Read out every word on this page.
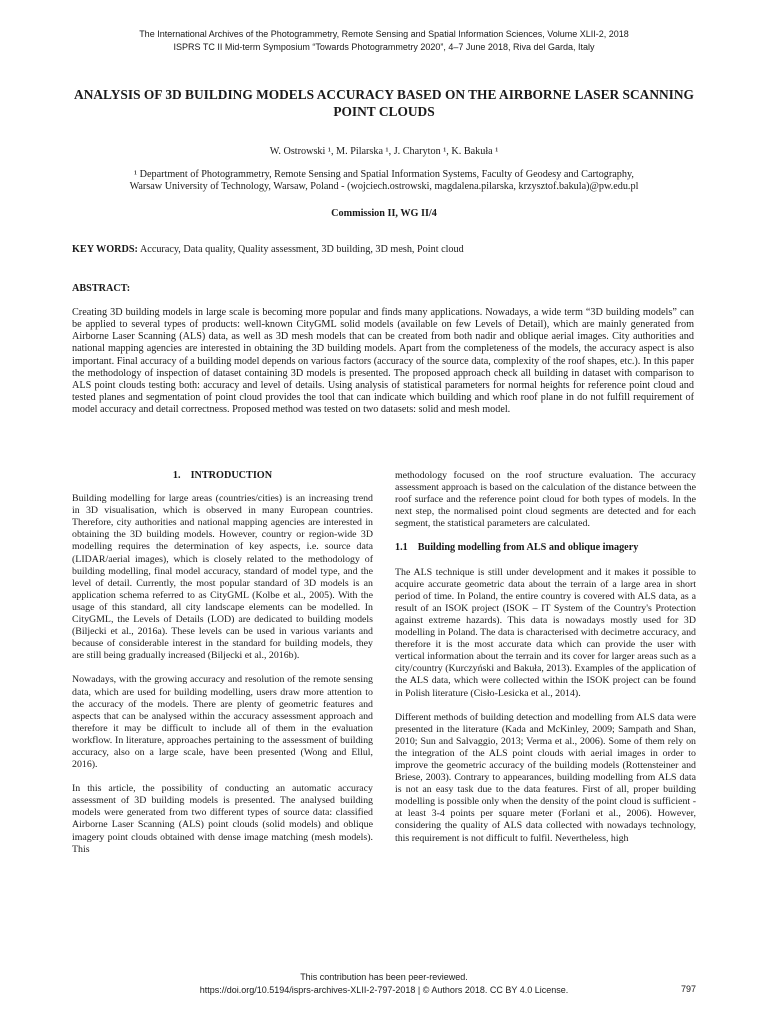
The International Archives of the Photogrammetry, Remote Sensing and Spatial Information Sciences, Volume XLII-2, 2018
ISPRS TC II Mid-term Symposium “Towards Photogrammetry 2020”, 4–7 June 2018, Riva del Garda, Italy
ANALYSIS OF 3D BUILDING MODELS ACCURACY BASED ON THE AIRBORNE LASER SCANNING POINT CLOUDS
W. Ostrowski ¹, M. Pilarska ¹, J. Charyton ¹, K. Bakuła ¹
¹ Department of Photogrammetry, Remote Sensing and Spatial Information Systems, Faculty of Geodesy and Cartography,
Warsaw University of Technology, Warsaw, Poland - (wojciech.ostrowski, magdalena.pilarska, krzysztof.bakula)@pw.edu.pl
Commission II, WG II/4
KEY WORDS: Accuracy, Data quality, Quality assessment, 3D building, 3D mesh, Point cloud
ABSTRACT:
Creating 3D building models in large scale is becoming more popular and finds many applications. Nowadays, a wide term “3D building models” can be applied to several types of products: well-known CityGML solid models (available on few Levels of Detail), which are mainly generated from Airborne Laser Scanning (ALS) data, as well as 3D mesh models that can be created from both nadir and oblique aerial images. City authorities and national mapping agencies are interested in obtaining the 3D building models. Apart from the completeness of the models, the accuracy aspect is also important. Final accuracy of a building model depends on various factors (accuracy of the source data, complexity of the roof shapes, etc.). In this paper the methodology of inspection of dataset containing 3D models is presented. The proposed approach check all building in dataset with comparison to ALS point clouds testing both: accuracy and level of details. Using analysis of statistical parameters for normal heights for reference point cloud and tested planes and segmentation of point cloud provides the tool that can indicate which building and which roof plane in do not fulfill requirement of model accuracy and detail correctness. Proposed method was tested on two datasets: solid and mesh model.
1. INTRODUCTION

Building modelling for large areas (countries/cities) is an increasing trend in 3D visualisation, which is observed in many European countries. Therefore, city authorities and national mapping agencies are interested in obtaining the 3D building models. However, country or region-wide 3D modelling requires the determination of key aspects, i.e. source data (LIDAR/aerial images), which is closely related to the methodology of building modelling, final model accuracy, standard of model type, and the level of detail. Currently, the most popular standard of 3D models is an application schema referred to as CityGML (Kolbe et al., 2005). With the usage of this standard, all city landscape elements can be modelled. In CityGML, the Levels of Details (LOD) are dedicated to building models (Biljecki et al., 2016a). These levels can be used in various variants and because of considerable interest in the standard for building models, they are still being gradually increased (Biljecki et al., 2016b).

Nowadays, with the growing accuracy and resolution of the remote sensing data, which are used for building modelling, users draw more attention to the accuracy of the models. There are plenty of geometric features and aspects that can be analysed within the accuracy assessment approach and therefore it may be difficult to include all of them in the evaluation workflow. In literature, approaches pertaining to the assessment of building accuracy, also on a large scale, have been presented (Wong and Ellul, 2016).

In this article, the possibility of conducting an automatic accuracy assessment of 3D building models is presented. The analysed building models were generated from two different types of source data: classified Airborne Laser Scanning (ALS) point clouds (solid models) and oblique imagery point clouds obtained with dense image matching (mesh models). This

methodology focused on the roof structure evaluation. The accuracy assessment approach is based on the calculation of the distance between the roof surface and the reference point cloud for both types of models. In the next step, the normalised point cloud segments are detected and for each segment, the statistical parameters are calculated.

1.1 Building modelling from ALS and oblique imagery

The ALS technique is still under development and it makes it possible to acquire accurate geometric data about the terrain of a large area in short period of time. In Poland, the entire country is covered with ALS data, as a result of an ISOK project (ISOK – IT System of the Country's Protection against extreme hazards). This data is nowadays mostly used for 3D modelling in Poland. The data is characterised with decimetre accuracy, and therefore it is the most accurate data which can provide the user with vertical information about the terrain and its cover for larger areas such as a city/country (Kurczyński and Bakuła, 2013). Examples of the application of the ALS data, which were collected within the ISOK project can be found in Polish literature (Cisło-Lesicka et al., 2014).

Different methods of building detection and modelling from ALS data were presented in the literature (Kada and McKinley, 2009; Sampath and Shan, 2010; Sun and Salvaggio, 2013; Verma et al., 2006). Some of them rely on the integration of the ALS point clouds with aerial images in order to improve the geometric accuracy of the building models (Rottensteiner and Briese, 2003). Contrary to appearances, building modelling from ALS data is not an easy task due to the data features. First of all, proper building modelling is possible only when the density of the point cloud is sufficient - at least 3-4 points per square meter (Forlani et al., 2006). However, considering the quality of ALS data collected with nowadays technology, this requirement is not difficult to fulfil. Nevertheless, high

This contribution has been peer-reviewed.
https://doi.org/10.5194/isprs-archives-XLII-2-797-2018 | © Authors 2018. CC BY 4.0 License.	797
